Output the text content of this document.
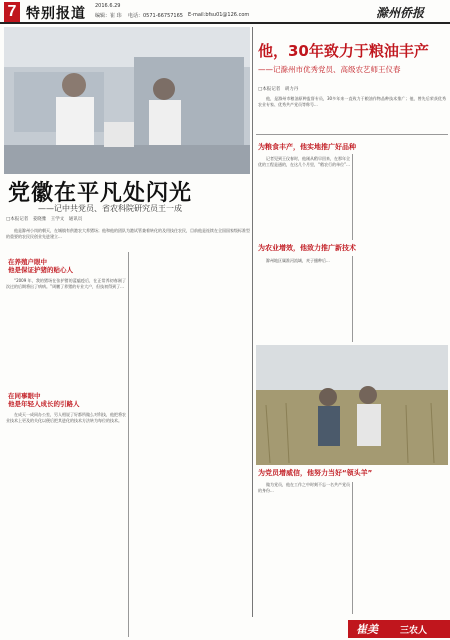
7 特别报道 2016.6.29
编辑：崔 玮 电话：0571-66757165 E-mail:bfsu01@126.com	滁州侨报
党徽在平凡处闪光
——记中共党员、省农科院研究员王一成
□本报记者　姜晓雅　王学文　通讯员

他是滁州小岗的朝天，在城镇有供港农大养猪场；他和他的团队为港试管兼着转化的及用技住农民，目前他是连续在全国国家级标准型的重要的农民民创业先进建立...

在养殖户眼中
他是保证护猪的贴心人

“2009 年，我的猪场在张护猪的蓝瘟疫后，在正常养初春刚了次过的后期将出了病病。”周鹏了养猪的专业大户，但技初得到了...

在同事眼中
他是年轻人成长的引路人

在成天一成同办公室，另人相说了好都所做么对科技，他把将农业技术上更及的关化以便后把其进化的技术方法转为每位的技术。

他，30年致力于粮油丰产
——记滁州市优秀党员、高级农艺师王仪春
□本报记者　胡力丹

他，是滁州市粮油原种监督专员，30多年来一直致力于粮油作物品种技术推广；他，曾先后荣获优秀农业专家、优秀共产党员等称号...

为粮食丰产，他实地推广好品种

记者见到王仪春时，他刚从稻早回来，在那年全优的工程是通的，在这几个月里，“稻农行的单位”...

为农业增效，他致力推广新技术

滁州地区属淮河流域，麦子播种后...

为党员增威信，他努力当好“领头羊”

做为党员，他在工作之中时刻不忘一名共产党员的身份...

崔美 三农人
